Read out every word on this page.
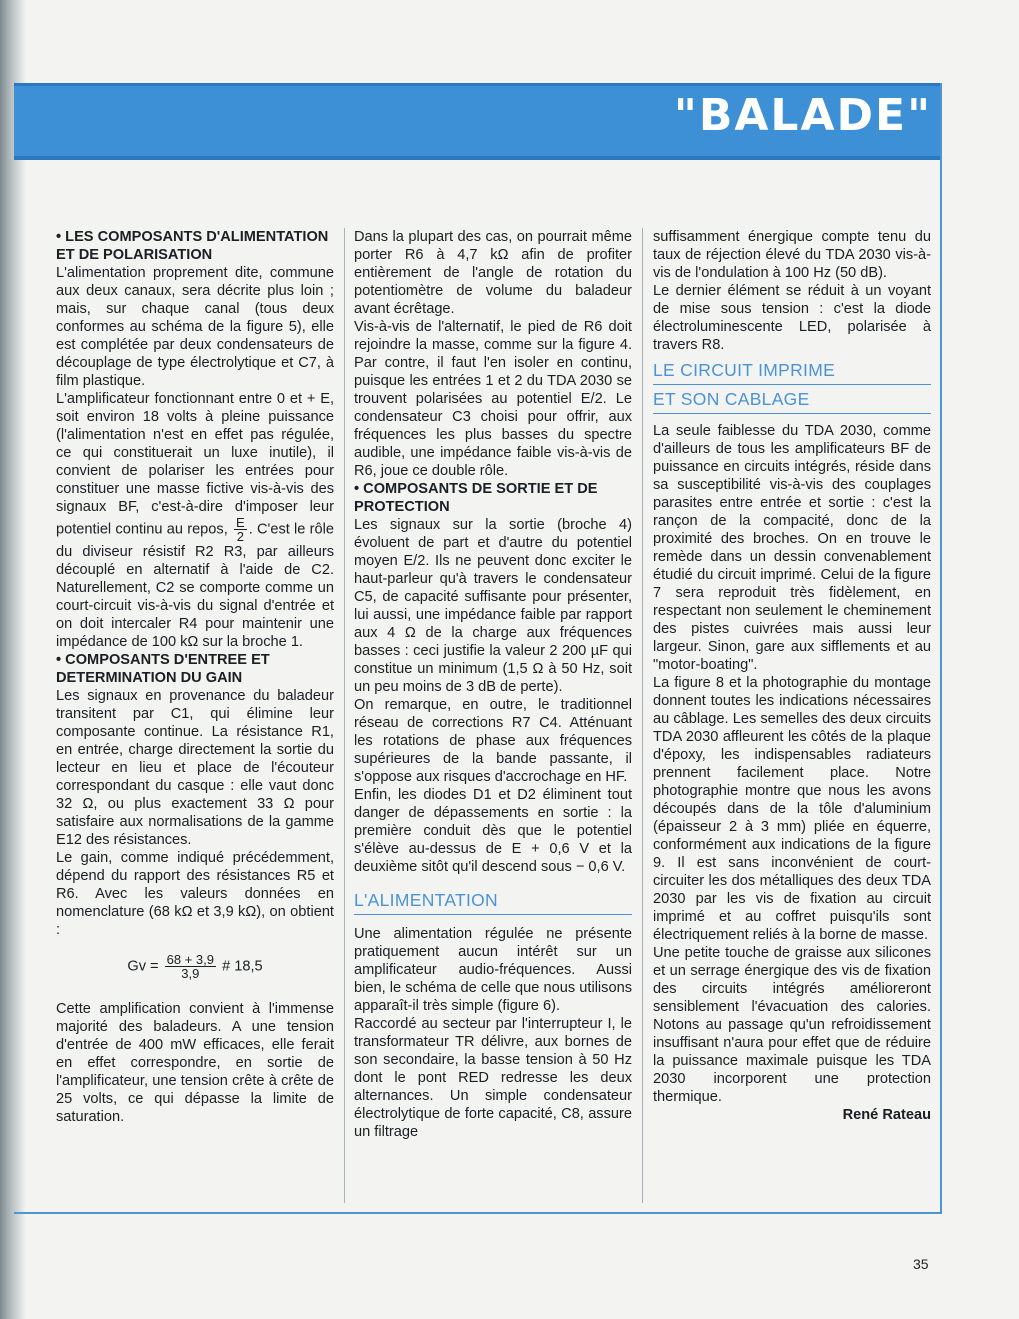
"BALADE"

• LES COMPOSANTS D'ALIMENTATION ET DE POLARISATION

L'alimentation proprement dite, commune aux deux canaux, sera décrite plus loin ; mais, sur chaque canal (tous deux conformes au schéma de la figure 5), elle est complétée par deux condensateurs de découplage de type électrolytique et C7, à film plastique.

L'amplificateur fonctionnant entre 0 et + E, soit environ 18 volts à pleine puissance (l'alimentation n'est en effet pas régulée, ce qui constituerait un luxe inutile), il convient de polariser les entrées pour constituer une masse fictive vis-à-vis des signaux BF, c'est-à-dire d'imposer leur potentiel continu au repos, $\frac{E}{2}$ . C'est le rôle du diviseur résistif R2 R3, par ailleurs découplé en alternatif à l'aide de C2. Naturellement, C2 se comporte comme un court-circuit vis-à-vis du signal d'entrée et on doit intercaler R4 pour maintenir une impédance de 100 kΩ sur la broche 1.

• COMPOSANTS D'ENTREE ET DETERMINATION DU GAIN

Les signaux en provenance du baladeur transitent par C1, qui élimine leur composante continue. La résistance R1, en entrée, charge directement la sortie du lecteur en lieu et place de l'écouteur correspondant du casque : elle vaut donc 32 Ω, ou plus exactement 33 Ω pour satisfaire aux normalisations de la gamme E12 des résistances.

Le gain, comme indiqué précédemment, dépend du rapport des résistances R5 et R6. Avec les valeurs données en nomenclature (68 kΩ et 3,9 kΩ), on obtient :

$Gv = \frac{68 + 3,9}{3,9}$ # 18,5

Cette amplification convient à l'immense majorité des baladeurs. A une tension d'entrée de 400 mW efficaces, elle ferait en effet correspondre, en sortie de l'amplificateur, une tension crête à crête de 25 volts, ce qui dépasse la limite de saturation.

Dans la plupart des cas, on pourrait même porter R6 à 4,7 kΩ afin de profiter entièrement de l'angle de rotation du potentiomètre de volume du baladeur avant écrêtage.

Vis-à-vis de l'alternatif, le pied de R6 doit rejoindre la masse, comme sur la figure 4. Par contre, il faut l'en isoler en continu, puisque les entrées 1 et 2 du TDA 2030 se trouvent polarisées au potentiel E/2. Le condensateur C3 choisi pour offrir, aux fréquences les plus basses du spectre audible, une impédance faible vis-à-vis de R6, joue ce double rôle.

• COMPOSANTS DE SORTIE ET DE PROTECTION

Les signaux sur la sortie (broche 4) évoluent de part et d'autre du potentiel moyen E/2. Ils ne peuvent donc exciter le haut-parleur qu'à travers le condensateur C5, de capacité suffisante pour présenter, lui aussi, une impédance faible par rapport aux 4 Ω de la charge aux fréquences basses : ceci justifie la valeur 2 200 µF qui constitue un minimum (1,5 Ω à 50 Hz, soit un peu moins de 3 dB de perte).

On remarque, en outre, le traditionnel réseau de corrections R7 C4. Atténuant les rotations de phase aux fréquences supérieures de la bande passante, il s'oppose aux risques d'accrochage en HF.

Enfin, les diodes D1 et D2 éliminent tout danger de dépassements en sortie : la première conduit dès que le potentiel s'élève au-dessus de E + 0,6 V et la deuxième sitôt qu'il descend sous − 0,6 V.

L'ALIMENTATION

Une alimentation régulée ne présente pratiquement aucun intérêt sur un amplificateur audio-fréquences. Aussi bien, le schéma de celle que nous utilisons apparaît-il très simple (figure 6).

Raccordé au secteur par l'interrupteur I, le transformateur TR délivre, aux bornes de son secondaire, la basse tension à 50 Hz dont le pont RED redresse les deux alternances. Un simple condensateur électrolytique de forte capacité, C8, assure un filtrage

suffisamment énergique compte tenu du taux de réjection élevé du TDA 2030 vis-à-vis de l'ondulation à 100 Hz (50 dB).

Le dernier élément se réduit à un voyant de mise sous tension : c'est la diode électroluminescente LED, polarisée à travers R8.

LE CIRCUIT IMPRIME

ET SON CABLAGE

La seule faiblesse du TDA 2030, comme d'ailleurs de tous les amplificateurs BF de puissance en circuits intégrés, réside dans sa susceptibilité vis-à-vis des couplages parasites entre entrée et sortie : c'est la rançon de la compacité, donc de la proximité des broches. On en trouve le remède dans un dessin convenablement étudié du circuit imprimé. Celui de la figure 7 sera reproduit très fidèlement, en respectant non seulement le cheminement des pistes cuivrées mais aussi leur largeur. Sinon, gare aux sifflements et au "motor-boating".

La figure 8 et la photographie du montage donnent toutes les indications nécessaires au câblage. Les semelles des deux circuits TDA 2030 affleurent les côtés de la plaque d'époxy, les indispensables radiateurs prennent facilement place. Notre photographie montre que nous les avons découpés dans de la tôle d'aluminium (épaisseur 2 à 3 mm) pliée en équerre, conformément aux indications de la figure 9. Il est sans inconvénient de court-circuiter les dos métalliques des deux TDA 2030 par les vis de fixation au circuit imprimé et au coffret puisqu'ils sont électriquement reliés à la borne de masse.

Une petite touche de graisse aux silicones et un serrage énergique des vis de fixation des circuits intégrés amélioreront sensiblement l'évacuation des calories. Notons au passage qu'un refroidissement insuffisant n'aura pour effet que de réduire la puissance maximale puisque les TDA 2030 incorporent une protection thermique.

René Rateau

35
